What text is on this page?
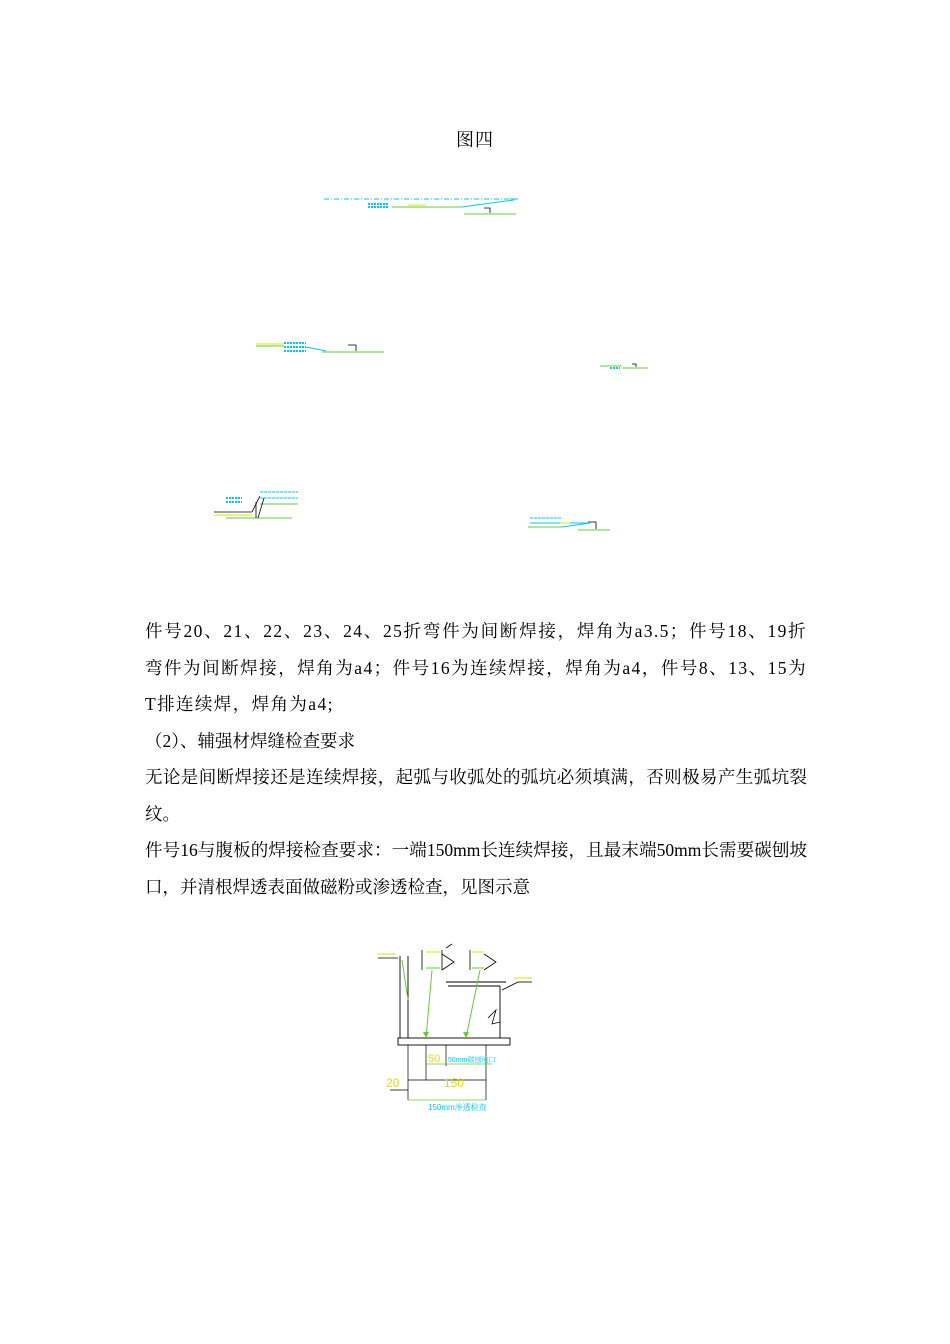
图四

件号20、21、22、23、24、25折弯件为间断焊接，焊角为a3.5；件号18、19折弯件为间断焊接，焊角为a4；件号16为连续焊接，焊角为a4，件号8、13、15为T排连续焊，焊角为a4;

（2）、辅强材焊缝检查要求

无论是间断焊接还是连续焊接，起弧与收弧处的弧坑必须填满，否则极易产生弧坑裂纹。

件号16与腹板的焊接检查要求：一端150mm长连续焊接，且最末端50mm长需要碳刨坡口，并清根焊透表面做磁粉或渗透检查，见图示意

50 50mm碳刨坡口
150
20
150mm渗透检查
